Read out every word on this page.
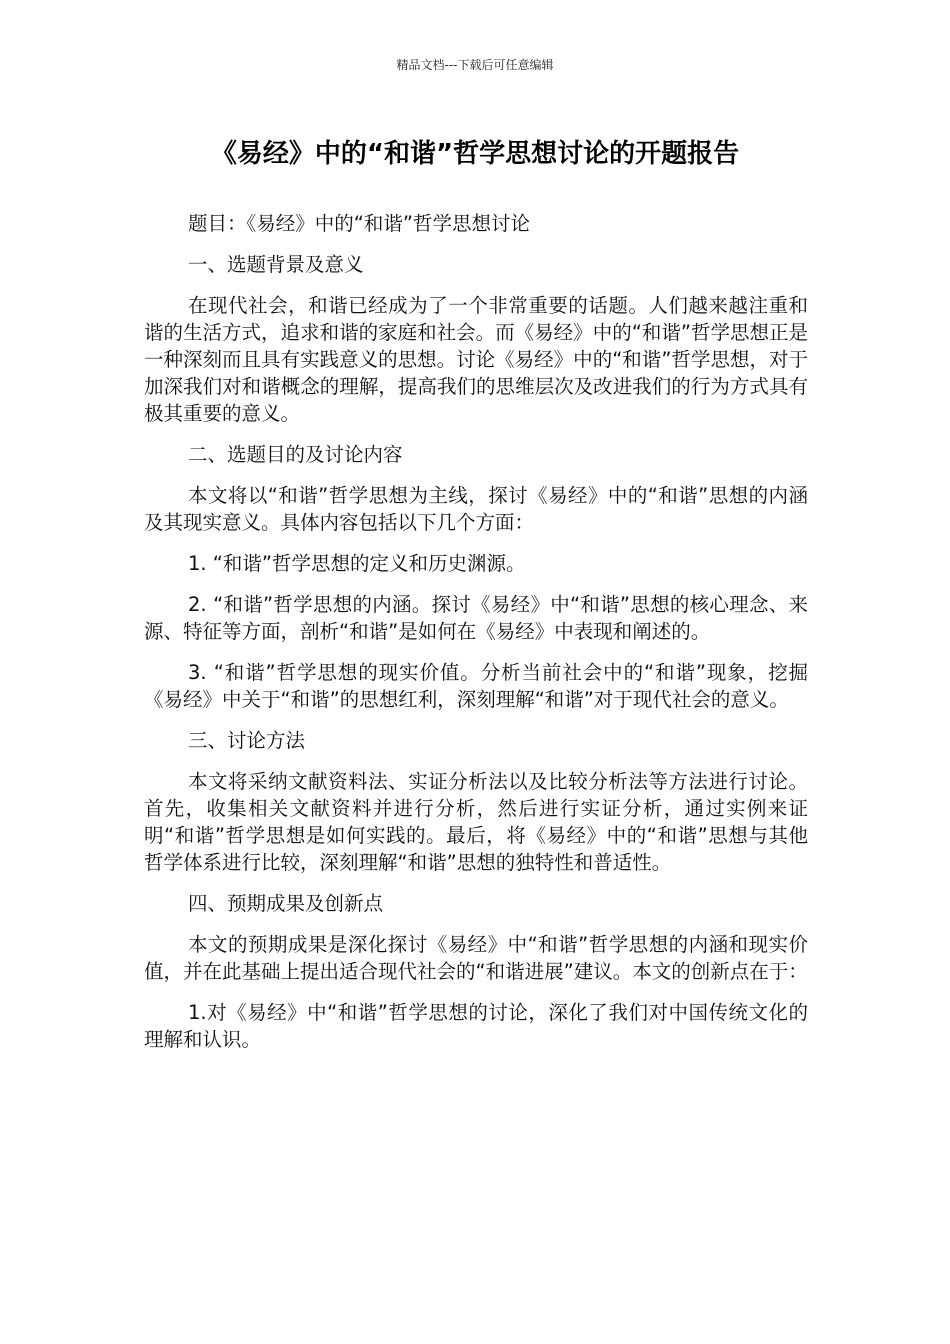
精品文档---下载后可任意编辑
《易经》中的“和谐”哲学思想讨论的开题报告

题目：《易经》中的“和谐”哲学思想讨论

一、选题背景及意义

在现代社会，和谐已经成为了一个非常重要的话题。人们越来越注重和谐的生活方式，追求和谐的家庭和社会。而《易经》中的“和谐”哲学思想正是一种深刻而且具有实践意义的思想。讨论《易经》中的“和谐”哲学思想，对于加深我们对和谐概念的理解，提高我们的思维层次及改进我们的行为方式具有极其重要的意义。

二、选题目的及讨论内容

本文将以“和谐”哲学思想为主线，探讨《易经》中的“和谐”思想的内涵及其现实意义。具体内容包括以下几个方面：

1. “和谐”哲学思想的定义和历史渊源。

2. “和谐”哲学思想的内涵。探讨《易经》中“和谐”思想的核心理念、来源、特征等方面，剖析“和谐”是如何在《易经》中表现和阐述的。

3. “和谐”哲学思想的现实价值。分析当前社会中的“和谐”现象，挖掘《易经》中关于“和谐”的思想红利，深刻理解“和谐”对于现代社会的意义。

三、讨论方法

本文将采纳文献资料法、实证分析法以及比较分析法等方法进行讨论。首先，收集相关文献资料并进行分析，然后进行实证分析，通过实例来证明“和谐”哲学思想是如何实践的。最后，将《易经》中的“和谐”思想与其他哲学体系进行比较，深刻理解“和谐”思想的独特性和普适性。

四、预期成果及创新点

本文的预期成果是深化探讨《易经》中“和谐”哲学思想的内涵和现实价值，并在此基础上提出适合现代社会的“和谐进展”建议。本文的创新点在于：

1.对《易经》中“和谐”哲学思想的讨论，深化了我们对中国传统文化的理解和认识。
